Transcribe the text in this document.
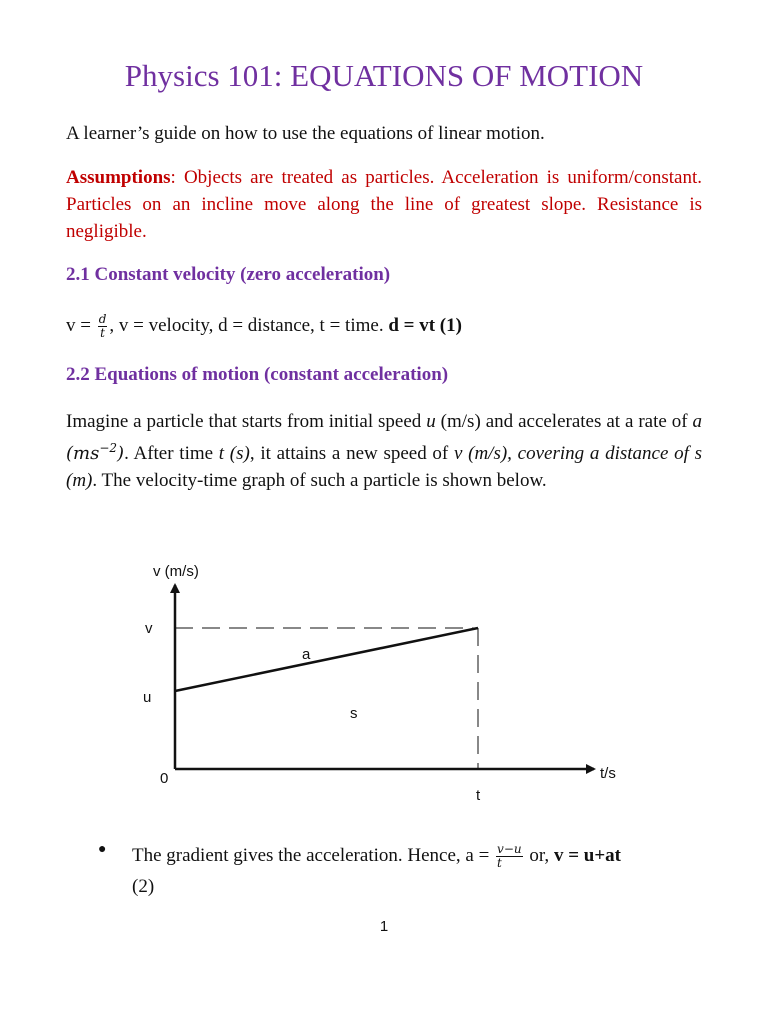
Physics 101: EQUATIONS OF MOTION
A learner’s guide on how to use the equations of linear motion.
Assumptions: Objects are treated as particles. Acceleration is uniform/constant. Particles on an incline move along the line of greatest slope. Resistance is negligible.
2.1 Constant velocity (zero acceleration)
$v = \frac{d}{t}$ , v = velocity, d = distance, t = time. d = vt (1)
2.2 Equations of motion (constant acceleration)
Imagine a particle that starts from initial speed u (m/s) and accelerates at a rate of a $(ms^{-2})$. After time t (s), it attains a new speed of v (m/s), covering a distance of s (m). The velocity-time graph of such a particle is shown below.
v (m/s)
t/s
v
u
0
t
a
s
● The gradient gives the acceleration. Hence, $a = \frac{v-u}{t}$ or, v = u+at
(2)
1
